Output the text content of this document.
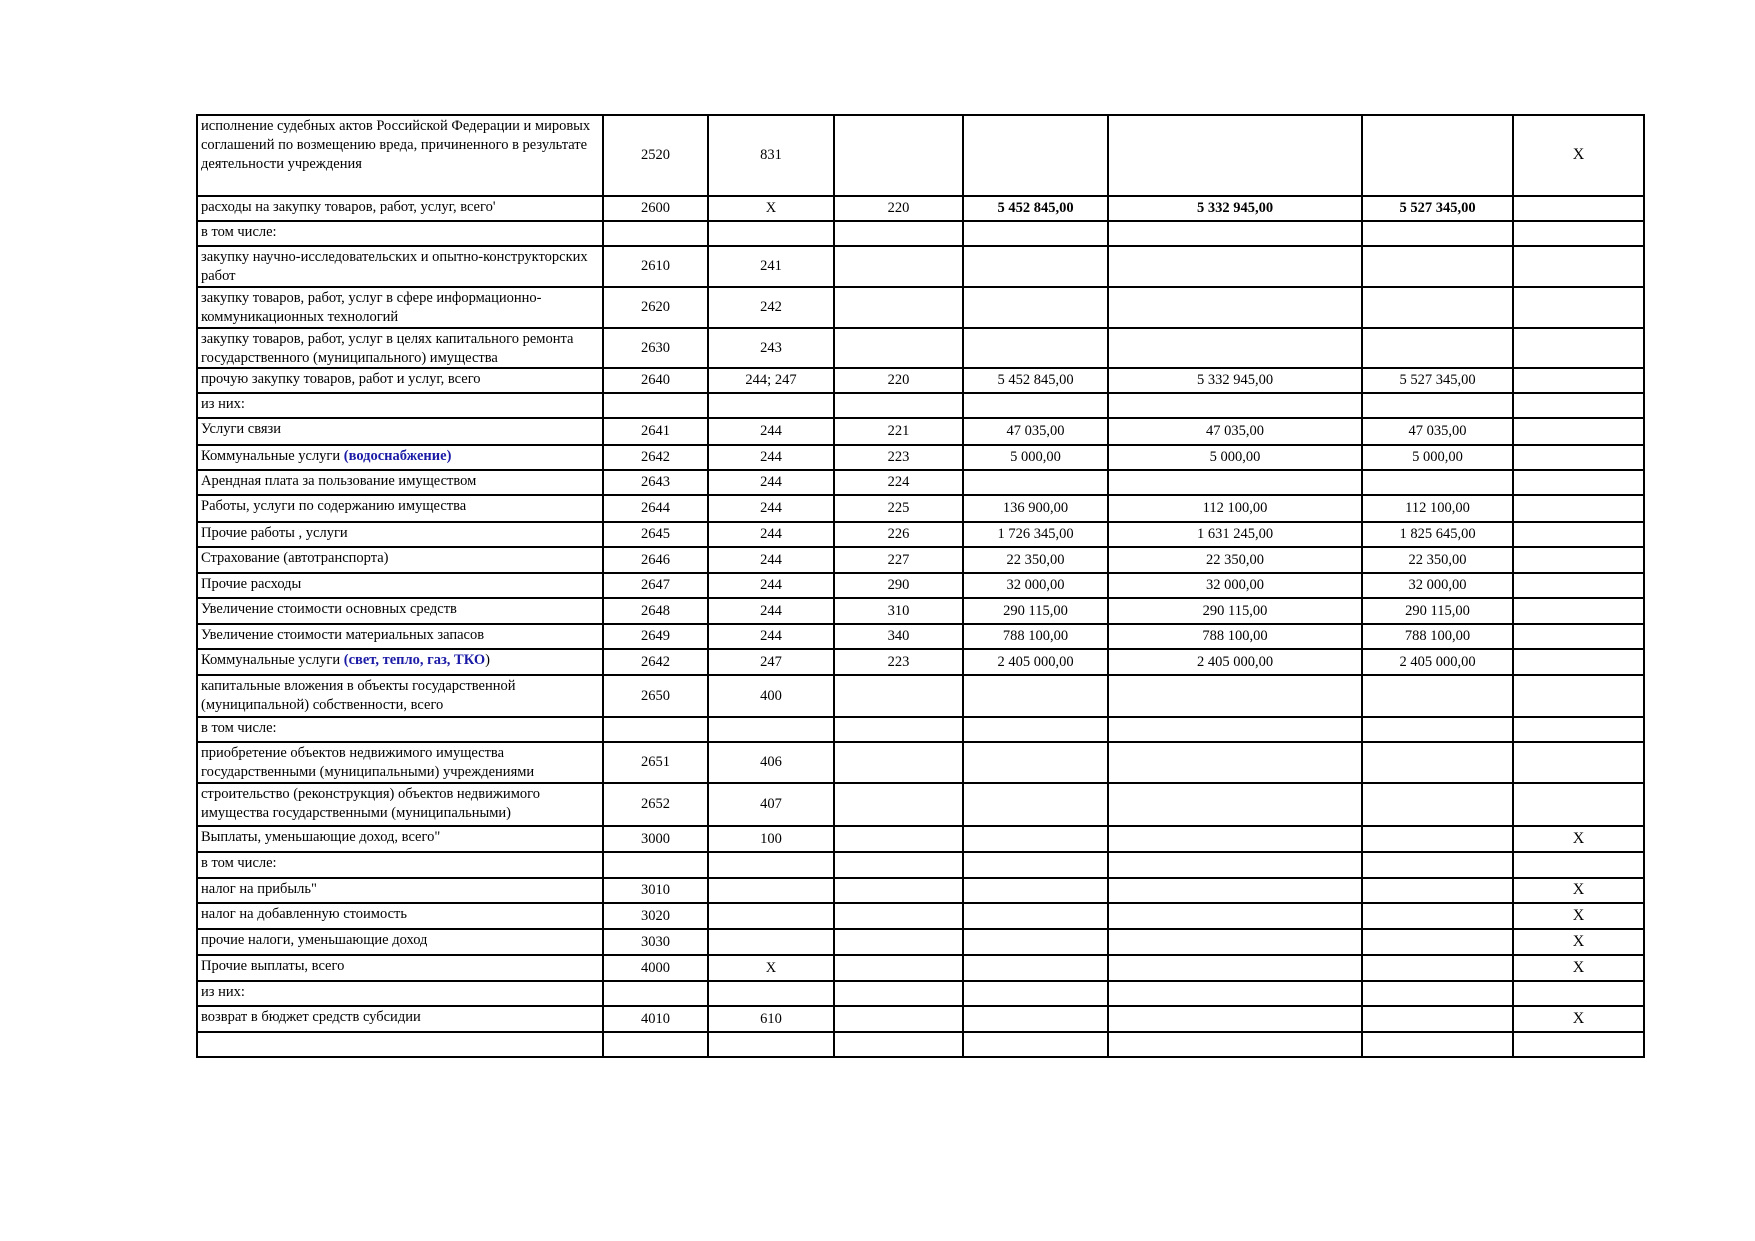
исполнение судебных актов Российской Федерации и мировых соглашений по возмещению вреда, причиненного в результате деятельности учреждения	2520	831					X
расходы на закупку товаров, работ, услуг, всего'	2600	X	220	5 452 845,00	5 332 945,00	5 527 345,00	
в том числе:							
закупку научно-исследовательских и опытно-конструкторских работ	2610	241					
закупку товаров, работ, услуг в сфере информационно-коммуникационных технологий	2620	242					
закупку товаров, работ, услуг в целях капитального ремонта государственного (муниципального) имущества	2630	243					
прочую закупку товаров, работ и услуг, всего	2640	244; 247	220	5 452 845,00	5 332 945,00	5 527 345,00	
из них:							
Услуги связи	2641	244	221	47 035,00	47 035,00	47 035,00	
Коммунальные услуги (водоснабжение)	2642	244	223	5 000,00	5 000,00	5 000,00	
Арендная плата за пользование имуществом	2643	244	224				
Работы, услуги по содержанию имущества	2644	244	225	136 900,00	112 100,00	112 100,00	
Прочие работы , услуги	2645	244	226	1 726 345,00	1 631 245,00	1 825 645,00	
Страхование (автотранспорта)	2646	244	227	22 350,00	22 350,00	22 350,00	
Прочие расходы	2647	244	290	32 000,00	32 000,00	32 000,00	
Увеличение стоимости основных средств	2648	244	310	290 115,00	290 115,00	290 115,00	
Увеличение стоимости материальных запасов	2649	244	340	788 100,00	788 100,00	788 100,00	
Коммунальные услуги (свет, тепло, газ, ТКО)	2642	247	223	2 405 000,00	2 405 000,00	2 405 000,00	
капитальные вложения в объекты государственной (муниципальной) собственности, всего	2650	400					
в том числе:							
приобретение объектов недвижимого имущества государственными (муниципальными) учреждениями	2651	406					
строительство (реконструкция) объектов недвижимого имущества государственными (муниципальными)	2652	407					
Выплаты, уменьшающие доход, всего"	3000	100					X
в том числе:							
налог на прибыль"	3010						X
налог на добавленную стоимость	3020						X
прочие налоги, уменьшающие доход	3030						X
Прочие выплаты, всего	4000	X					X
из них:							
возврат в бюджет средств субсидии	4010	610					X
